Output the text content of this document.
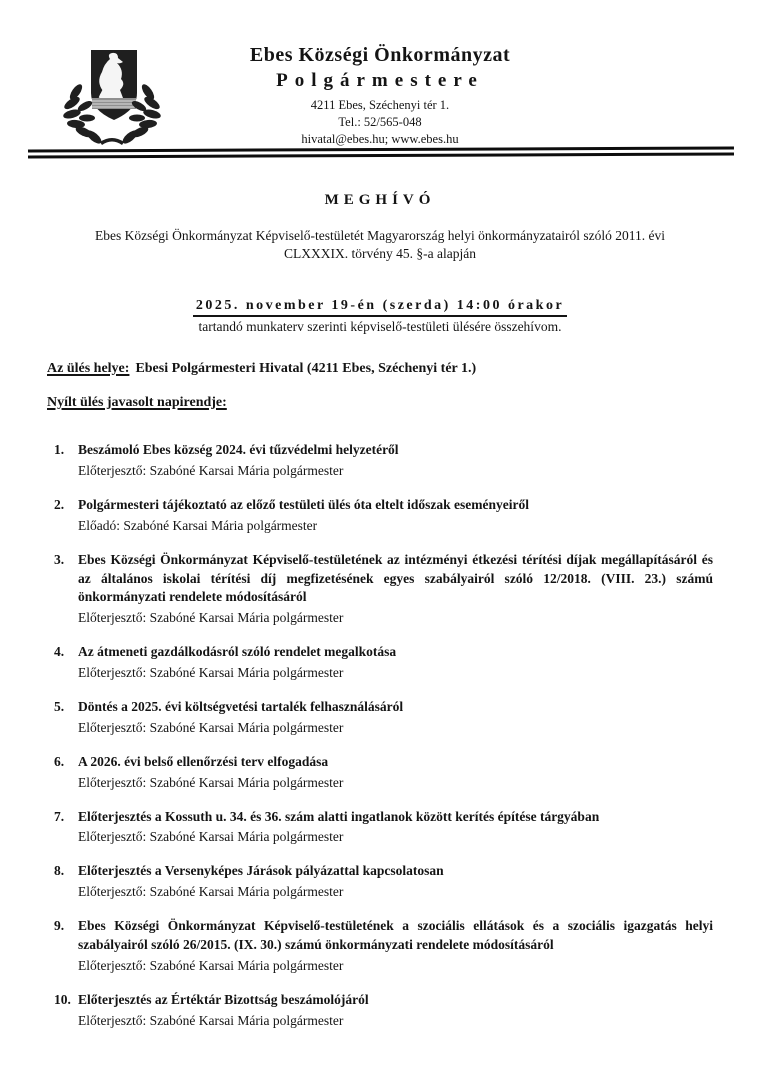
Ebes Községi Önkormányzat
Polgármestere
4211 Ebes, Széchenyi tér 1.
Tel.: 52/565-048
hivatal@ebes.hu; www.ebes.hu
MEGHÍVÓ

Ebes Községi Önkormányzat Képviselő-testületét Magyarország helyi önkormányzatairól szóló 2011. évi
CLXXXIX. törvény 45. §-a alapján

2025. november 19-én (szerda) 14:00 órakor
tartandó munkaterv szerinti képviselő-testületi ülésére összehívom.

Az ülés helye: Ebesi Polgármesteri Hivatal (4211 Ebes, Széchenyi tér 1.)

Nyílt ülés javasolt napirendje:

1.	Beszámoló Ebes község 2024. évi tűzvédelmi helyzetéről
Előterjesztő: Szabóné Karsai Mária polgármester
2.	Polgármesteri tájékoztató az előző testületi ülés óta eltelt időszak eseményeiről
Előadó: Szabóné Karsai Mária polgármester
3.	Ebes Községi Önkormányzat Képviselő-testületének az intézményi étkezési térítési díjak megállapításáról és az általános iskolai térítési díj megfizetésének egyes szabályairól szóló 12/2018. (VIII. 23.) számú önkormányzati rendelete módosításáról
Előterjesztő: Szabóné Karsai Mária polgármester
4.	Az átmeneti gazdálkodásról szóló rendelet megalkotása
Előterjesztő: Szabóné Karsai Mária polgármester
5.	Döntés a 2025. évi költségvetési tartalék felhasználásáról
Előterjesztő: Szabóné Karsai Mária polgármester
6.	A 2026. évi belső ellenőrzési terv elfogadása
Előterjesztő: Szabóné Karsai Mária polgármester
7.	Előterjesztés a Kossuth u. 34. és 36. szám alatti ingatlanok között kerítés építése tárgyában
Előterjesztő: Szabóné Karsai Mária polgármester
8.	Előterjesztés a Versenyképes Járások pályázattal kapcsolatosan
Előterjesztő: Szabóné Karsai Mária polgármester
9.	Ebes Községi Önkormányzat Képviselő-testületének a szociális ellátások és a szociális igazgatás helyi szabályairól szóló 26/2015. (IX. 30.) számú önkormányzati rendelete módosításáról
Előterjesztő: Szabóné Karsai Mária polgármester
10. Előterjesztés az Értéktár Bizottság beszámolójáról
Előterjesztő: Szabóné Karsai Mária polgármester
